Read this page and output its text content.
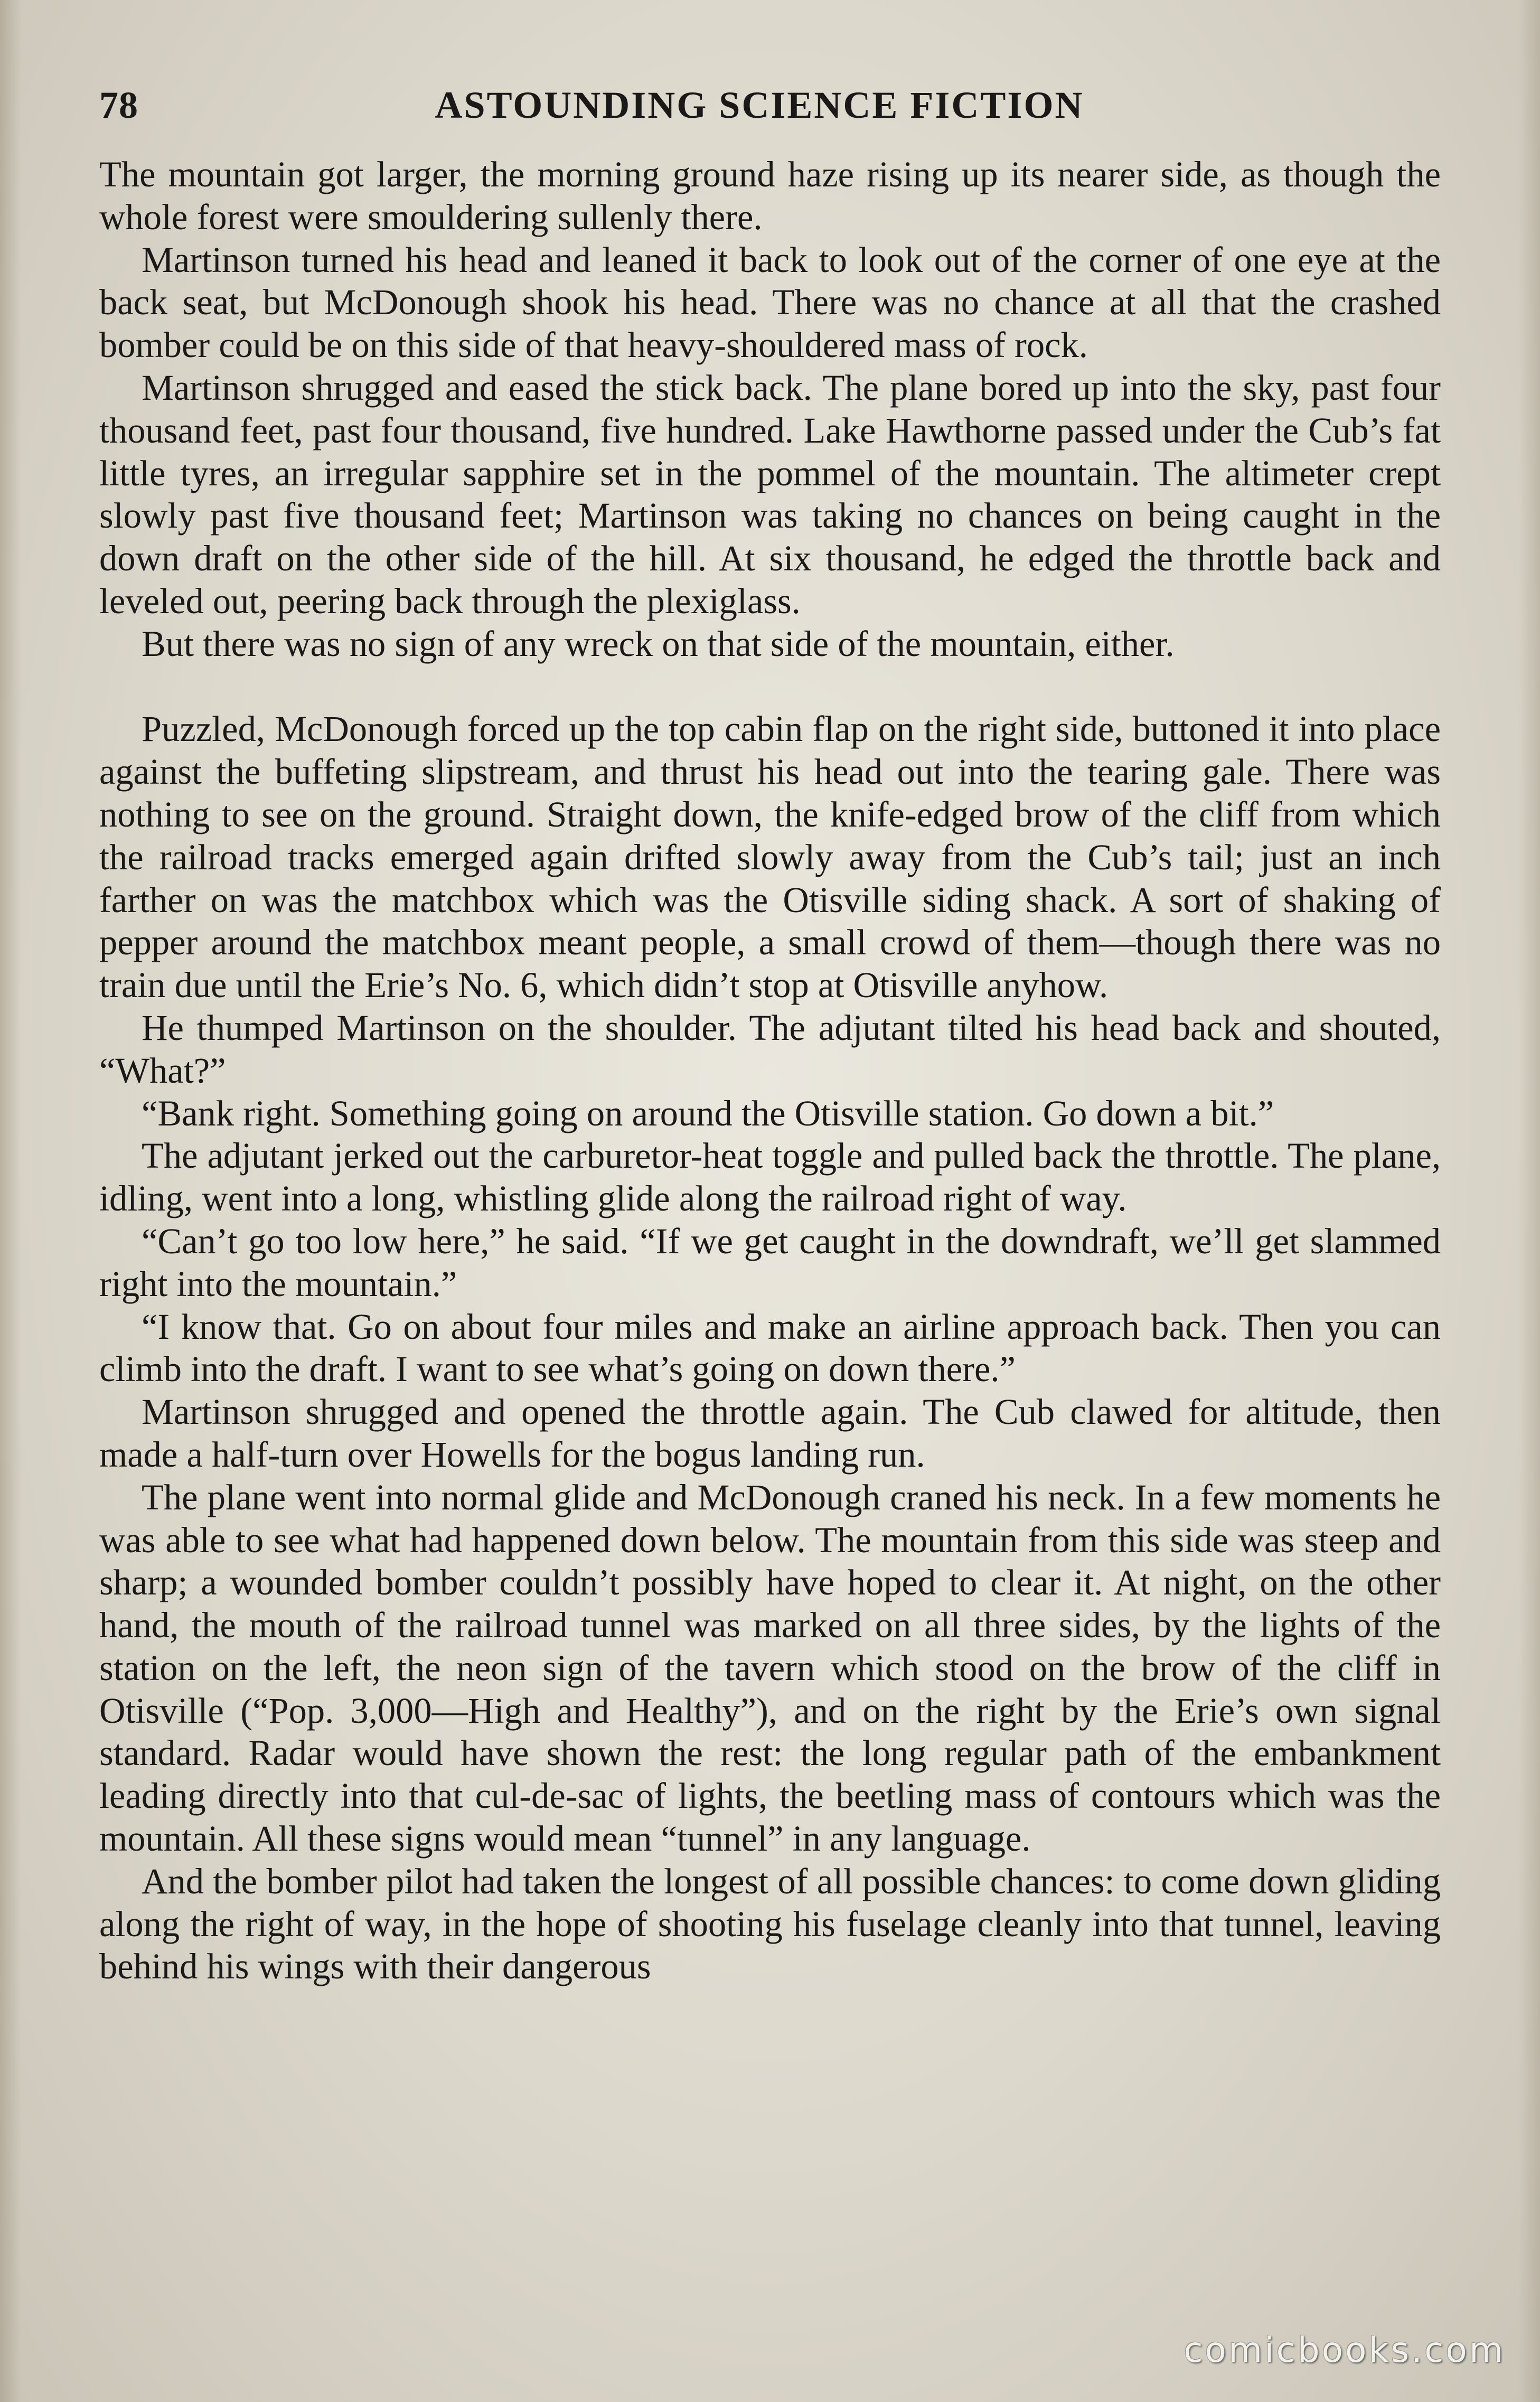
78	ASTOUNDING SCIENCE FICTION

The mountain got larger, the morning ground haze rising up its nearer side, as though the whole forest were smouldering sullenly there.

Martinson turned his head and leaned it back to look out of the corner of one eye at the back seat, but McDonough shook his head. There was no chance at all that the crashed bomber could be on this side of that heavy-shouldered mass of rock.

Martinson shrugged and eased the stick back. The plane bored up into the sky, past four thousand feet, past four thousand, five hundred. Lake Hawthorne passed under the Cub’s fat little tyres, an irregular sapphire set in the pommel of the mountain. The altimeter crept slowly past five thousand feet; Martinson was taking no chances on being caught in the down draft on the other side of the hill. At six thousand, he edged the throttle back and leveled out, peering back through the plexiglass.

But there was no sign of any wreck on that side of the mountain, either.

Puzzled, McDonough forced up the top cabin flap on the right side, buttoned it into place against the buffeting slipstream, and thrust his head out into the tearing gale. There was nothing to see on the ground. Straight down, the knife-edged brow of the cliff from which the railroad tracks emerged again drifted slowly away from the Cub’s tail; just an inch farther on was the matchbox which was the Otisville siding shack. A sort of shaking of pepper around the matchbox meant people, a small crowd of them—though there was no train due until the Erie’s No. 6, which didn’t stop at Otisville anyhow.

He thumped Martinson on the shoulder. The adjutant tilted his head back and shouted, “What?”

“Bank right. Something going on around the Otisville station. Go down a bit.”

The adjutant jerked out the carburetor-heat toggle and pulled back the throttle. The plane, idling, went into a long, whistling glide along the railroad right of way.

“Can’t go too low here,” he said. “If we get caught in the downdraft, we’ll get slammed right into the mountain.”

“I know that. Go on about four miles and make an airline approach back. Then you can climb into the draft. I want to see what’s going on down there.”

Martinson shrugged and opened the throttle again. The Cub clawed for altitude, then made a half-turn over Howells for the bogus landing run.

The plane went into normal glide and McDonough craned his neck. In a few moments he was able to see what had happened down below. The mountain from this side was steep and sharp; a wounded bomber couldn’t possibly have hoped to clear it. At night, on the other hand, the mouth of the railroad tunnel was marked on all three sides, by the lights of the station on the left, the neon sign of the tavern which stood on the brow of the cliff in Otisville (“Pop. 3,000—High and Healthy”), and on the right by the Erie’s own signal standard. Radar would have shown the rest: the long regular path of the embankment leading directly into that cul-de-sac of lights, the beetling mass of contours which was the mountain. All these signs would mean “tunnel” in any language.

And the bomber pilot had taken the longest of all possible chances: to come down gliding along the right of way, in the hope of shooting his fuselage cleanly into that tunnel, leaving behind his wings with their dangerous

comicbooks.com
